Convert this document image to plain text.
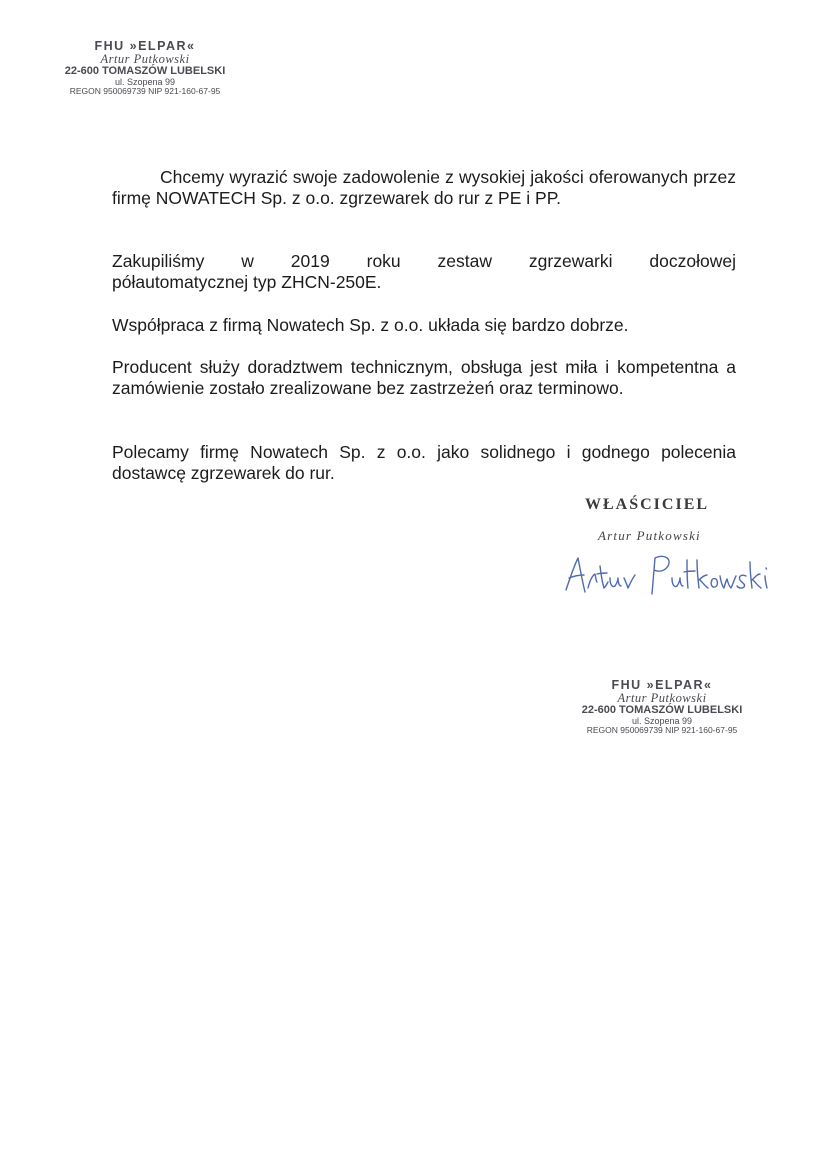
FHU »ELPAR«
Artur Putkowski
22-600 TOMASZÓW LUBELSKI
ul. Szopena 99
REGON 950069739 NIP 921-160-67-95

Chcemy wyrazić swoje zadowolenie z wysokiej jakości oferowanych przez firmę NOWATECH Sp. z o.o. zgrzewarek do rur z PE i PP.

Zakupiliśmy w 2019 roku zestaw zgrzewarki doczołowej
półautomatycznej typ ZHCN-250E.

Współpraca z firmą Nowatech Sp. z o.o. układa się bardzo dobrze.

Producent służy doradztwem technicznym, obsługa jest miła i kompetentna a zamówienie zostało zrealizowane bez zastrzeżeń oraz terminowo.

Polecamy firmę Nowatech Sp. z o.o. jako solidnego i godnego polecenia dostawcę zgrzewarek do rur.

WŁAŚCICIEL
Artur Putkowski
FHU »ELPAR«
Artur Putkowski
22-600 TOMASZÓW LUBELSKI
ul. Szopena 99
REGON 950069739 NIP 921-160-67-95
